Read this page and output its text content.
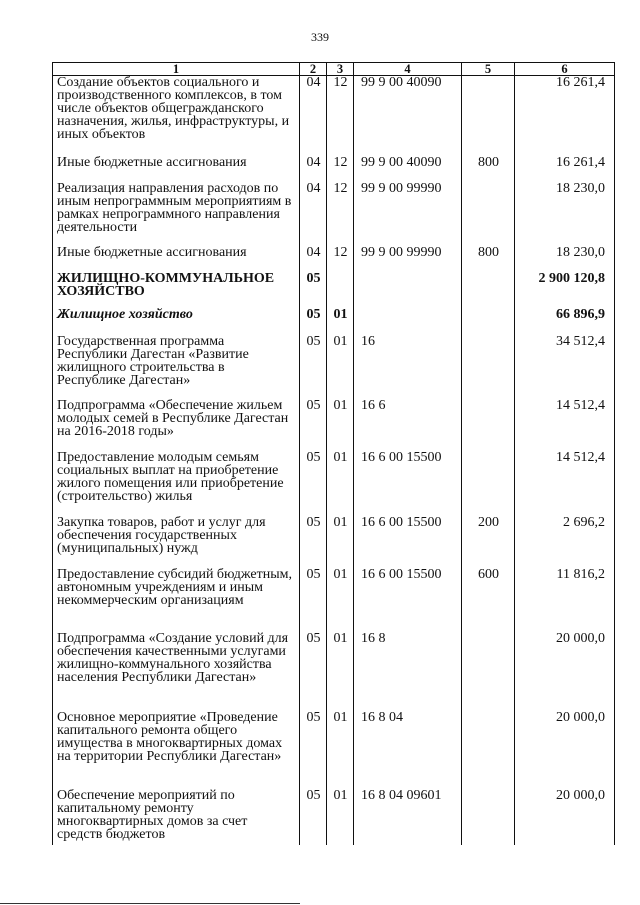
339
1	2	3	4	5	6
Создание объектов социального и производственного комплексов, в том числе объектов общегражданского назначения, жилья, инфраструктуры, и иных объектов	04	12	99 9 00 40090		16 261,4
Иные бюджетные ассигнования	04	12	99 9 00 40090	800	16 261,4
Реализация направления расходов по иным непрограммным мероприятиям в рамках непрограммного направления деятельности	04	12	99 9 00 99990		18 230,0
Иные бюджетные ассигнования	04	12	99 9 00 99990	800	18 230,0
ЖИЛИЩНО-КОММУНАЛЬНОЕ ХОЗЯЙСТВО	05				2 900 120,8
Жилищное хозяйство	05	01			66 896,9
Государственная программа Республики Дагестан «Развитие жилищного строительства в Республике Дагестан»	05	01	16		34 512,4
Подпрограмма «Обеспечение жильем молодых семей в Республике Дагестан на 2016-2018 годы»	05	01	16 6		14 512,4
Предоставление молодым семьям социальных выплат на приобретение жилого помещения или приобретение (строительство) жилья	05	01	16 6 00 15500		14 512,4
Закупка товаров, работ и услуг для обеспечения государственных (муниципальных) нужд	05	01	16 6 00 15500	200	2 696,2
Предоставление субсидий бюджетным, автономным учреждениям и иным некоммерческим организациям	05	01	16 6 00 15500	600	11 816,2
Подпрограмма «Создание условий для обеспечения качественными услугами жилищно-коммунального хозяйства населения Республики Дагестан»	05	01	16 8		20 000,0
Основное мероприятие «Проведение капитального ремонта общего имущества в многоквартирных домах на территории Республики Дагестан»	05	01	16 8 04		20 000,0
Обеспечение мероприятий по капитальному ремонту многоквартирных домов за счет средств бюджетов	05	01	16 8 04 09601		20 000,0
